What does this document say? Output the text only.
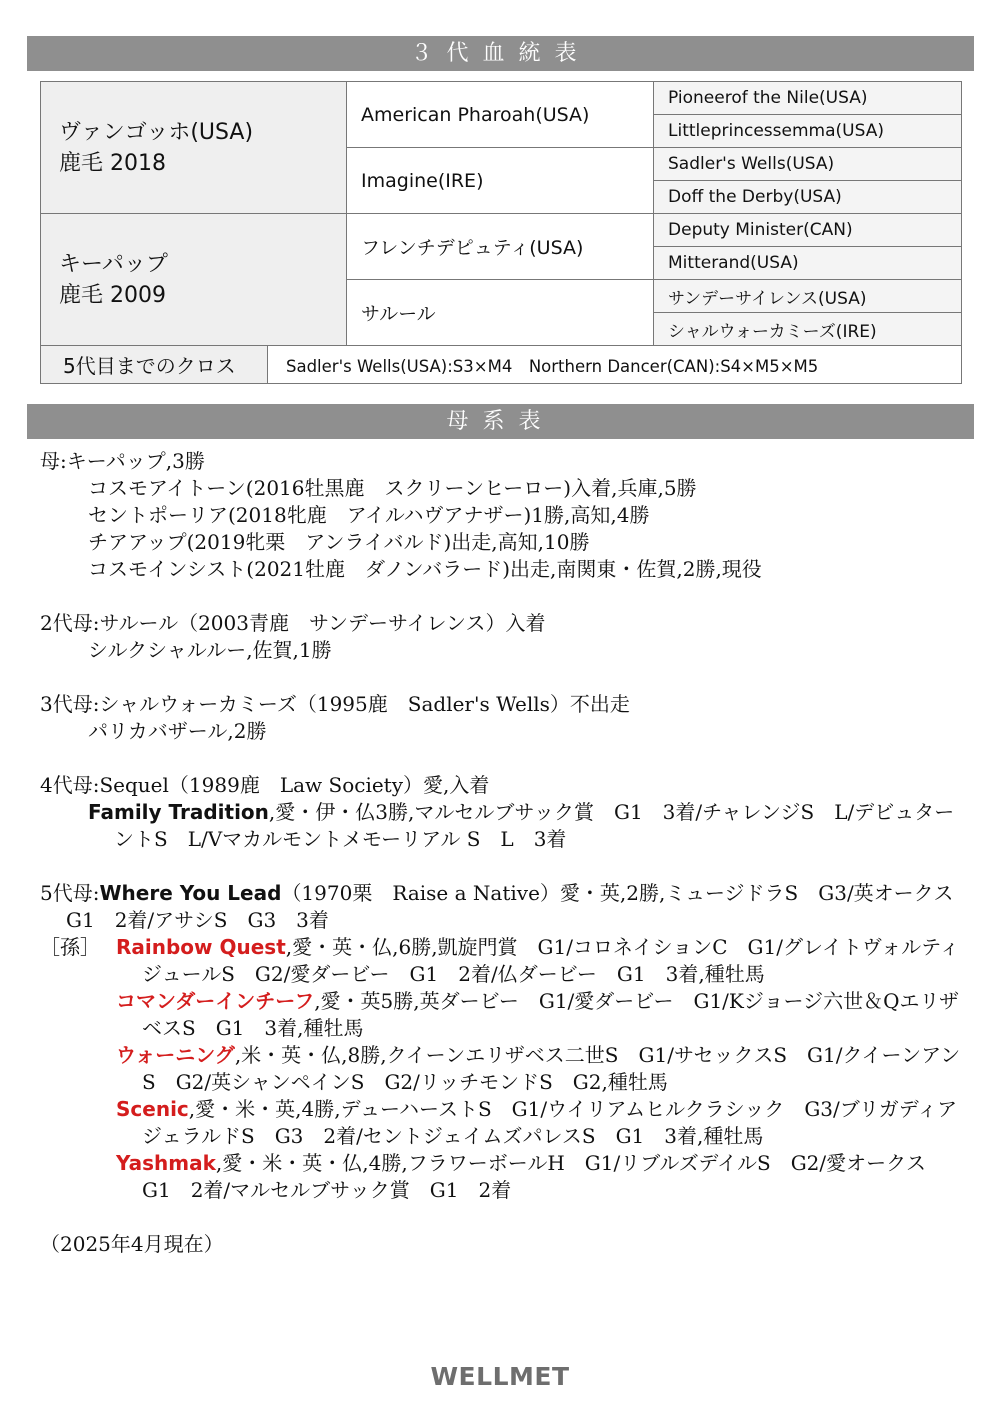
３代血統表
ヴァンゴッホ(USA)
鹿毛 2018		American Pharoah(USA)	Pioneerof the Nile(USA)
			Littleprincessemma(USA)
		Imagine(IRE)	Sadler's Wells(USA)
			Doff the Derby(USA)

キーパップ
鹿毛 2009		フレンチデピュティ(USA)	Deputy Minister(CAN)
			Mitterand(USA)
		サルール	サンデーサイレンス(USA)
			シャルウォーカミーズ(IRE)
5代目までのクロス	Sadler's Wells(USA):S3×M4　Northern Dancer(CAN):S4×M5×M5		
母系表
母:キーパップ,3勝
コスモアイトーン(2016牡黒鹿　スクリーンヒーロー)入着,兵庫,5勝
セントポーリア(2018牝鹿　アイルハヴアナザー)1勝,高知,4勝
チアアップ(2019牝栗　アンライバルド)出走,高知,10勝
コスモインシスト(2021牡鹿　ダノンバラード)出走,南関東・佐賀,2勝,現役
2代母:サルール（2003青鹿　サンデーサイレンス）入着
シルクシャルルー,佐賀,1勝
3代母:シャルウォーカミーズ（1995鹿　Sadler's Wells）不出走
パリカバザール,2勝
4代母:Sequel（1989鹿　Law Society）愛,入着
Family Tradition,愛・伊・仏3勝,マルセルブサック賞　G1　3着/チャレンジS　L/デビュターントS　L/Vマカルモントメモーリアル S　L　3着
5代母:Where You Lead（1970栗　Raise a Native）愛・英,2勝,ミュージドラS　G3/英オークス　G1　2着/アサシS　G3　3着
［孫］ Rainbow Quest,愛・英・仏,6勝,凱旋門賞　G1/コロネイションC　G1/グレイトヴォルティジュールS　G2/愛ダービー　G1　2着/仏ダービー　G1　3着,種牡馬
コマンダーインチーフ,愛・英5勝,英ダービー　G1/愛ダービー　G1/Kジョージ六世＆QエリザベスS　G1　3着,種牡馬
ウォーニング,米・英・仏,8勝,クイーンエリザベス二世S　G1/サセックスS　G1/クイーンアンS　G2/英シャンペインS　G2/リッチモンドS　G2,種牡馬
Scenic,愛・米・英,4勝,デューハーストS　G1/ウイリアムヒルクラシック　G3/ブリガディアジェラルドS　G3　2着/セントジェイムズパレスS　G1　3着,種牡馬
Yashmak,愛・米・英・仏,4勝,フラワーボールH　G1/リブルズデイルS　G2/愛オークス　G1　2着/マルセルブサック賞　G1　2着
（2025年4月現在）
WELLMET
